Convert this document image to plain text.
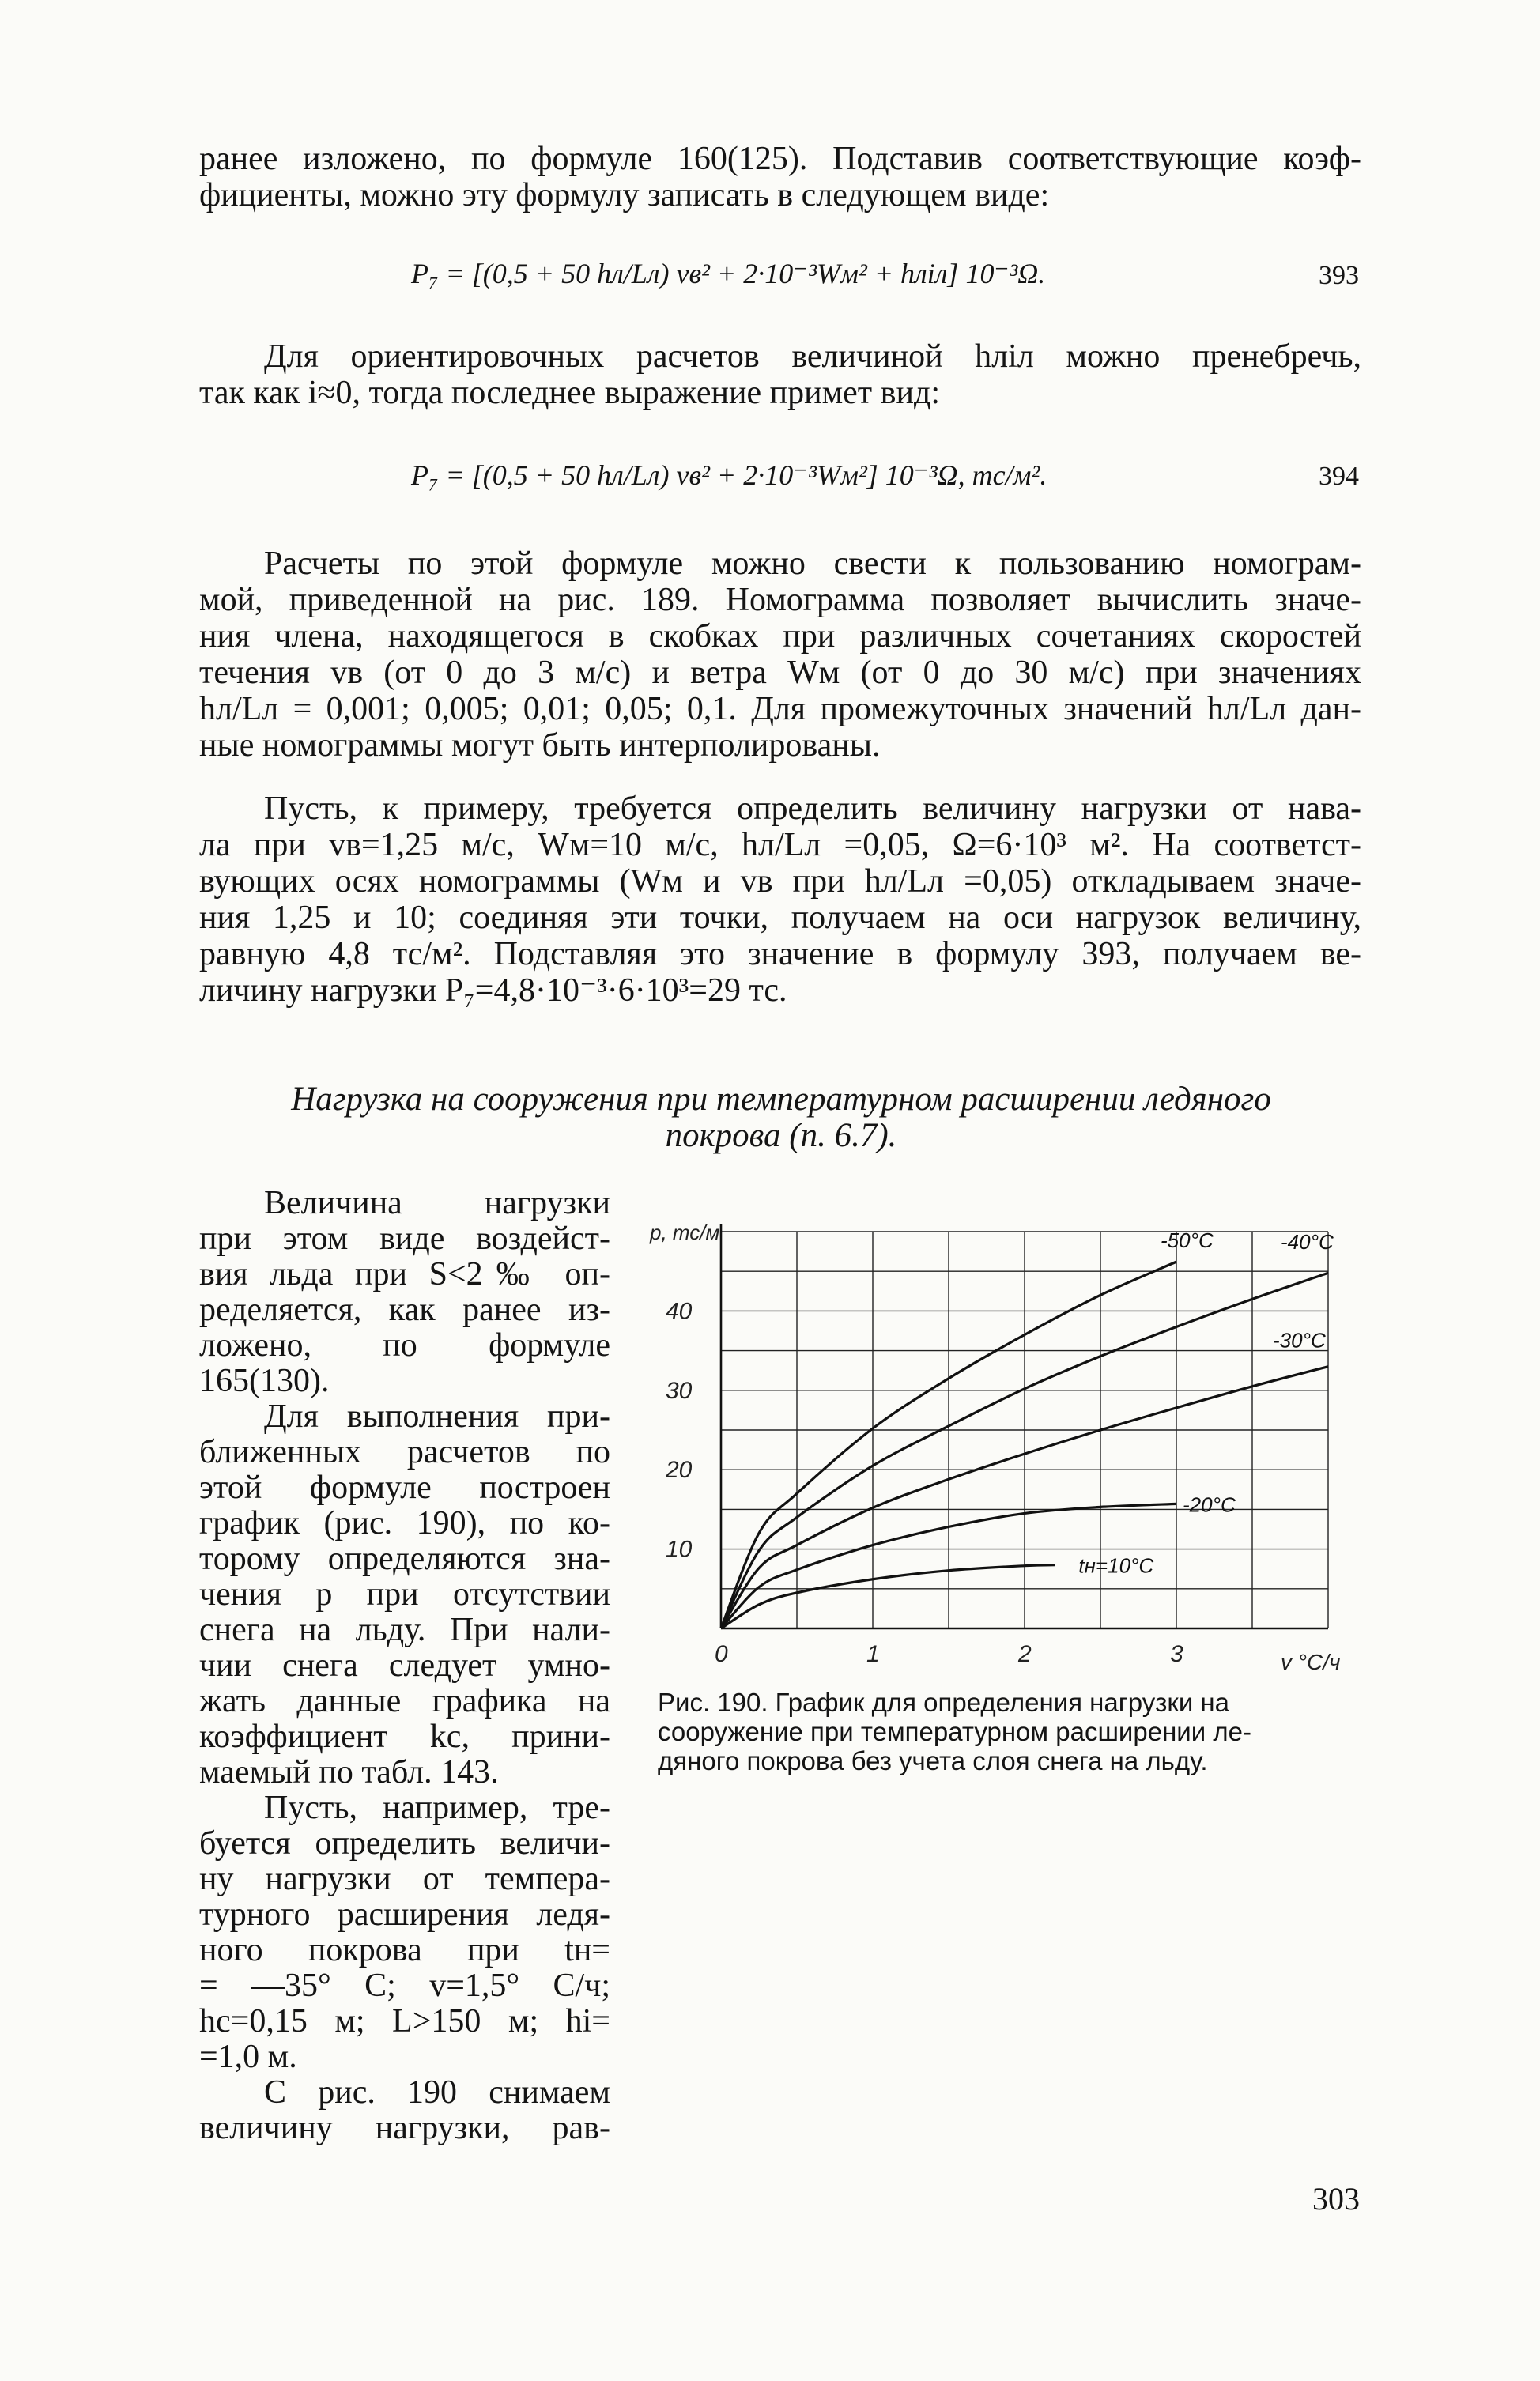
ранее изложено, по формуле 160(125). Подставив соответствующие коэф-
фициенты, можно эту формулу записать в следующем виде:
P₇ = [(0,5 + 50 hл/Lл) vв² + 2·10⁻³Wм² + hлiл] 10⁻³Ω.	393
Для ориентировочных расчетов величиной hлiл можно пренебречь,
так как i≈0, тогда последнее выражение примет вид:
P₇ = [(0,5 + 50 hл/Lл) vв² + 2·10⁻³Wм²] 10⁻³Ω, тс/м².	394
Расчеты по этой формуле можно свести к пользованию номограм-
мой, приведенной на рис. 189. Номограмма позволяет вычислить значе-
ния члена, находящегося в скобках при различных сочетаниях скоростей
течения vв (от 0 до 3 м/с) и ветра Wм (от 0 до 30 м/с) при значениях
hл/Lл = 0,001; 0,005; 0,01; 0,05; 0,1. Для промежуточных значений hл/Lл дан-
ные номограммы могут быть интерполированы.
Пусть, к примеру, требуется определить величину нагрузки от нава-
ла при vв=1,25 м/с, Wм=10 м/с, hл/Lл =0,05, Ω=6·10³ м². На соответст-
вующих осях номограммы (Wм и vв при hл/Lл =0,05) откладываем значе-
ния 1,25 и 10; соединяя эти точки, получаем на оси нагрузок величину,
равную 4,8 тс/м². Подставляя это значение в формулу 393, получаем ве-
личину нагрузки P₇=4,8·10⁻³·6·10³=29 тс.
Нагрузка на сооружения при температурном расширении ледяного
покрова (п. 6.7).
Величина нагрузки
при этом виде воздейст-
вия льда при S<2‰ оп-
ределяется, как ранее из-
ложено, по формуле
165(130).
Для выполнения при-
ближенных расчетов по
этой формуле построен
график (рис. 190), по ко-
торому определяются зна-
чения p при отсутствии
снега на льду. При нали-
чии снега следует умно-
жать данные графика на
коэффициент kс, прини-
маемый по табл. 143.
Пусть, например, тре-
буется определить величи-
ну нагрузки от темпера-
турного расширения ледя-
ного покрова при tн=
= —35° C; v=1,5° C/ч;
hс=0,15 м; L>150 м; hi=
=1,0 м.
С рис. 190 снимаем
величину нагрузки, рав-
0	1	2	3
10
20
30
40
p, тс/м
v °C/ч
-50°C	-40°C
-30°C
-20°C
tн=10°C
Рис. 190. График для определения нагрузки на
сооружение при температурном расширении ле-
дяного покрова без учета слоя снега на льду.
303
